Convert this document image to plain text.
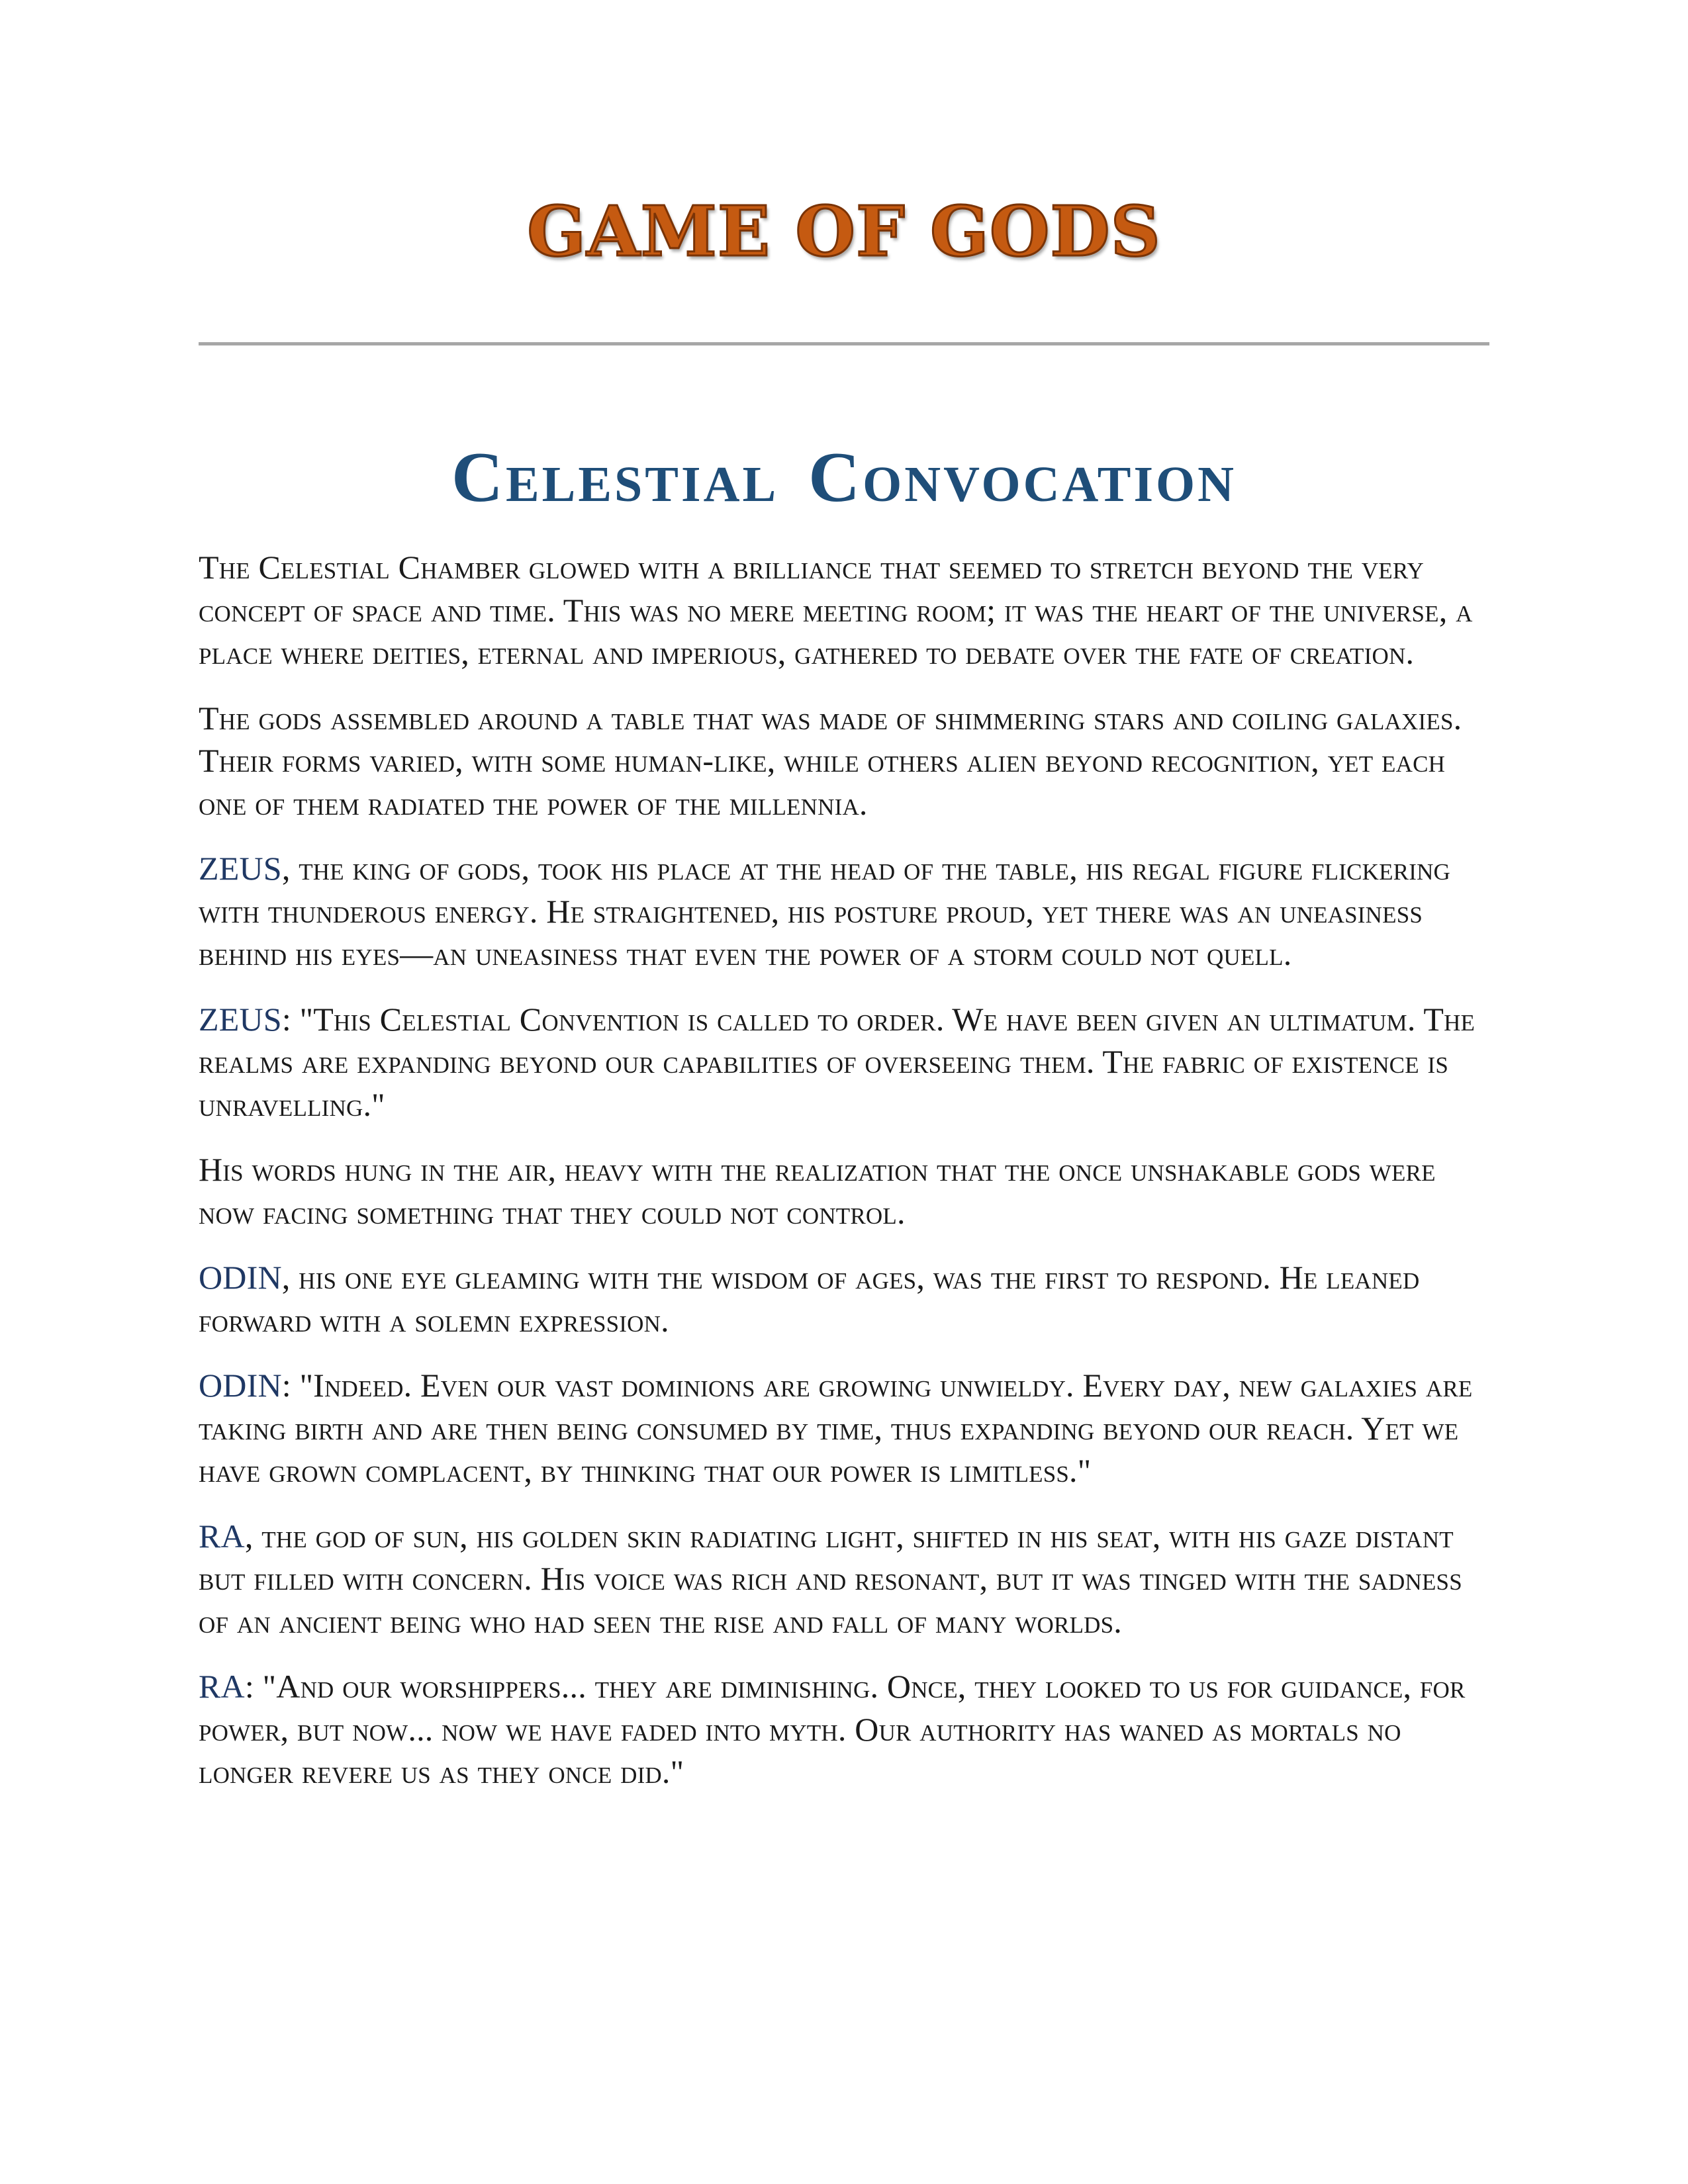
GAME OF GODS
Celestial Convocation

The Celestial Chamber glowed with a brilliance that seemed to stretch beyond the very concept of space and time. This was no mere meeting room; it was the heart of the universe, a place where deities, eternal and imperious, gathered to debate over the fate of creation.

The gods assembled around a table that was made of shimmering stars and coiling galaxies. Their forms varied, with some human-like, while others alien beyond recognition, yet each one of them radiated the power of the millennia.

ZEUS, the king of gods, took his place at the head of the table, his regal figure flickering with thunderous energy. He straightened, his posture proud, yet there was an uneasiness behind his eyes—an uneasiness that even the power of a storm could not quell.

ZEUS: "This Celestial Convention is called to order. We have been given an ultimatum. The realms are expanding beyond our capabilities of overseeing them. The fabric of existence is unravelling."

His words hung in the air, heavy with the realization that the once unshakable gods were now facing something that they could not control.

ODIN, his one eye gleaming with the wisdom of ages, was the first to respond. He leaned forward with a solemn expression.

ODIN: "Indeed. Even our vast dominions are growing unwieldy. Every day, new galaxies are taking birth and are then being consumed by time, thus expanding beyond our reach. Yet we have grown complacent, by thinking that our power is limitless."

RA, the god of sun, his golden skin radiating light, shifted in his seat, with his gaze distant but filled with concern. His voice was rich and resonant, but it was tinged with the sadness of an ancient being who had seen the rise and fall of many worlds.

RA: "And our worshippers... they are diminishing. Once, they looked to us for guidance, for power, but now... now we have faded into myth. Our authority has waned as mortals no longer revere us as they once did."
